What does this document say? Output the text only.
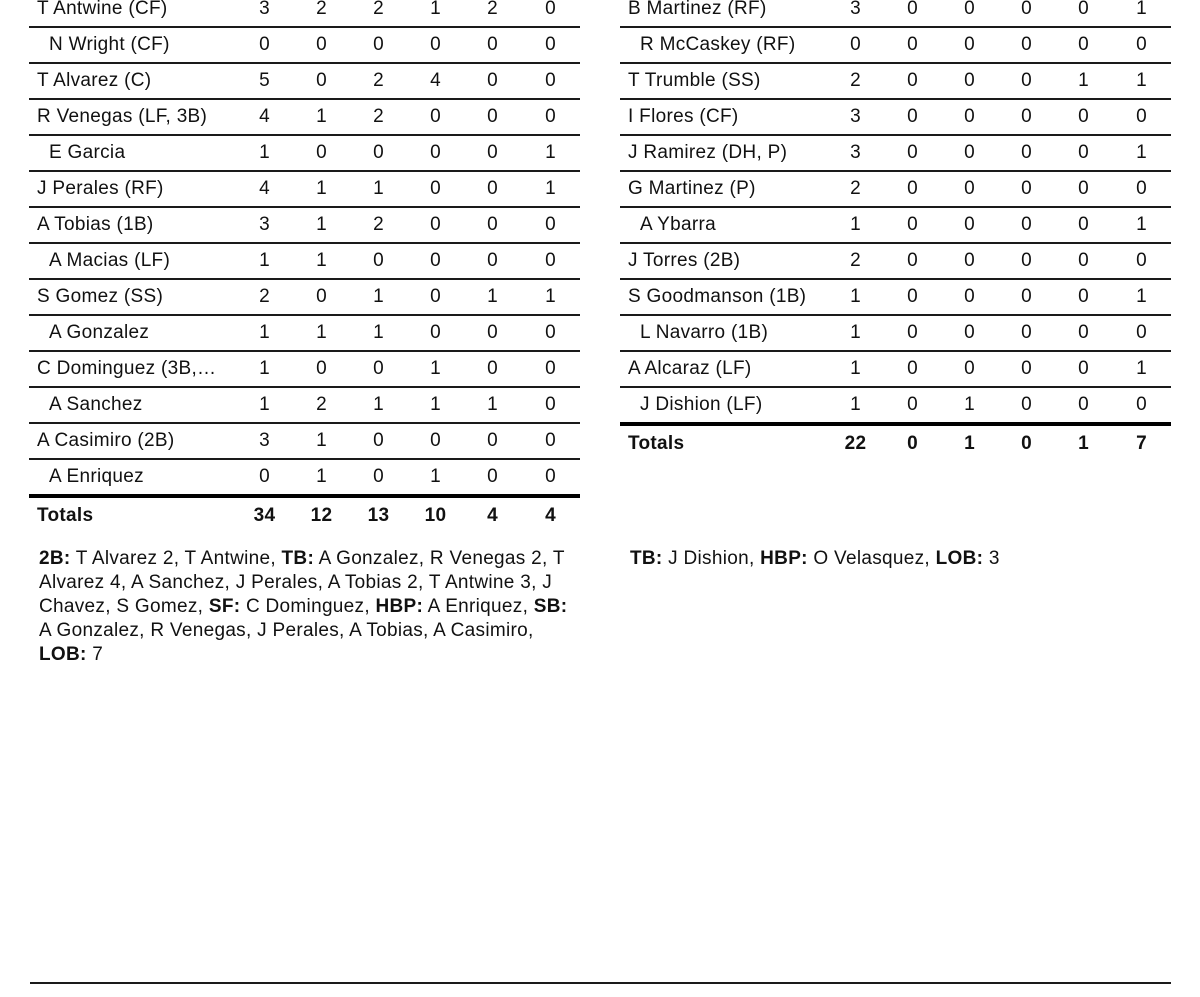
T Antwine (CF)	3	2	2	1	2	0
N Wright (CF)	0	0	0	0	0	0
T Alvarez (C)	5	0	2	4	0	0
R Venegas (LF, 3B)	4	1	2	0	0	0
E Garcia	1	0	0	0	0	1
J Perales (RF)	4	1	1	0	0	1
A Tobias (1B)	3	1	2	0	0	0
A Macias (LF)	1	1	0	0	0	0
S Gomez (SS)	2	0	1	0	1	1
A Gonzalez	1	1	1	0	0	0
C Dominguez (3B,…	1	0	0	1	0	0
A Sanchez	1	2	1	1	1	0
A Casimiro (2B)	3	1	0	0	0	0
A Enriquez	0	1	0	1	0	0
Totals	34	12	13	10	4	4
B Martinez (RF)	3	0	0	0	0	1
R McCaskey (RF)	0	0	0	0	0	0
T Trumble (SS)	2	0	0	0	1	1
I Flores (CF)	3	0	0	0	0	0
J Ramirez (DH, P)	3	0	0	0	0	1
G Martinez (P)	2	0	0	0	0	0
A Ybarra	1	0	0	0	0	1
J Torres (2B)	2	0	0	0	0	0
S Goodmanson (1B)	1	0	0	0	0	1
L Navarro (1B)	1	0	0	0	0	0
A Alcaraz (LF)	1	0	0	0	0	1
J Dishion (LF)	1	0	1	0	0	0
Totals	22	0	1	0	1	7
2B: T Alvarez 2, T Antwine, TB: A Gonzalez, R Venegas 2, T Alvarez 4, A Sanchez, J Perales, A Tobias 2, T Antwine 3, J Chavez, S Gomez, SF: C Dominguez, HBP: A Enriquez, SB: A Gonzalez, R Venegas, J Perales, A Tobias, A Casimiro, LOB: 7
TB: J Dishion, HBP: O Velasquez, LOB: 3
